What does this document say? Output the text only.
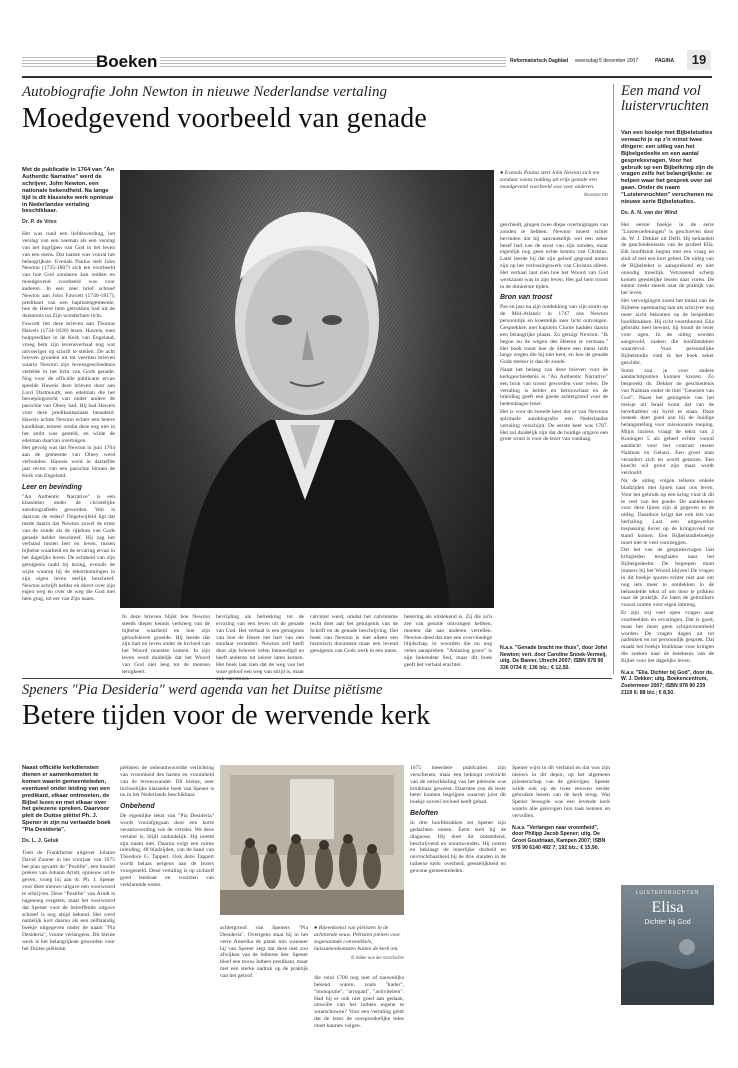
Boeken	Reformatorisch Dagblad woensdag 5 december 2007	PAGINA	19
Autobiografie John Newton in nieuwe Nederlandse vertaling
Moedgevend voorbeeld van genade

Met de publicatie in 1764 van "An Authentic Narrative" werd de schrijver, John Newton, een nationale bekendheid. Na lange tijd is dit klassieke werk opnieuw in Nederlandse vertaling beschikbaar.

Dr. P. de Vries

Het was rond een liefdesverdrag, het verslag van een zeeman als een verslag van het ingrijpen van God in het leven van een mens. Dat laatste was vooral het belangrijkste. Evenals Paulus stelt John Newton (1725-1807) zich ten voorbeeld van hoe God zondaren kan redden en moedgevend voorbeeld was voor anderen. In een zeer brief schreef Newton aan John Fawcett (1740-1817), predikant van een baptistengemeente, hoe de Heere hem getrokken had uit de duisternis tot Zijn wonderbare licht.

Fawcett liet deze brieven aan Thomas Haweis (1734-1820) lezen. Haweis, toen hulpprediker in de Kerk van Engeland, vroeg hem zijn levensverhaal nog wat uitvoeriger op schrift te stellen. De acht brieven gronden uit tot veertien brieven waarin Newton zijn levensgeschiedenis vertelde in het licht van Gods genade. Nog voor de officiële publicatie ervan speelde Haweis deze brieven door aan Lord Dartmouth, een edelman die het beroepingsrecht van onder andere de parochie van Olney had. Hij had Haweis voor deze predikantsplaats benaderd. Haweis achtte Newton echter een betere kandidaat, temeer omdat deze nog niet in het ambt was gesteld, en wilde de edelman daarvan overtuigen.

Het gevolg was dat Newton in juni 1764 aan de gemeente van Olney werd verbonden. Haweis werd in datzelfde jaar rector van een parochie binnen de Kerk van Engeland.

Leer en bevinding

"An Authentic Narrative" is een klassieker onder de christelijke autobiografieën geworden. Wat is daarvan de reden? Ongetwijfeld ligt dat mede daarin dat Newton zowel de ernst van de zonde als de rijkdom van Gods genade helder beschreef. Hij zag het verband tussen leer en leven, tussen bijbelse waarheid en de ervaring ervan in het dagelijks leven. De echtheid van zijn getuigenis raakt bij lezing, evenals de wijze waarop hij de tekortkomingen in zijn eigen leven eerlijk beschreef. Newton schrijft helder en direct over zijn eigen weg en over de weg die God met hem ging, tot eer van Zijn naam.

In deze brieven blijkt hoe Newton steeds dieper kennis verkreeg van de bijbelse waarheid en hoe zijn geloofsleven groeide. Hij leerde dat zijn hart en leven onder de invloed van het Woord moesten komen. In zijn leven werd duidelijk dat het Woord van God niet leeg tot de mensen terugkeert.

bevrijding als betrekking tot de ervaring van een leven uit de genade van God. Het verhaal is een getuigenis van hoe de Heere het hart van een zondaar verandert. Newton zelf heeft door zijn brieven velen bemoedigd en heeft anderen tot inkeer laten komen. Het boek laat zien dat de weg van het ware geloof een weg van strijd is, maar

calvinist werd, omdat het calvinisme recht doet aan het getuigenis van de Schrift en de genade beschrijving. Het boek van Newton is niet alleen een historisch document maar een levend getuigenis van Gods werk in een mens.

● Evenals Paulus stelt John Newton zich ten zondaar wiens redding uit vrije genade een moedgevend voorbeeld was voor anderen.
Illustratie RD

geschiedt, gingen twee diepe overtuigingen van zonden te hebben. Newton moest echter bevinden dat hij aanvankelijk wel een zeker besef had van de ernst van zijn zonden, maar eigenlijk nog geen echte kennis van Christus. Later leerde hij dat zijn geloof gegrond moest zijn op het verlossingswerk van Christus alleen. Het verhaal laat zien hoe het Woord van God werkzaam was in zijn leven. Het gaf hem troost in de donkerste tijden.

Bron van troost

Pas en jaar na zijn ontdekking van zijn storm op de Mid-Atlantic in 1747 ons Newton persoonlijk en koestelijk zeer licht ontvangen. Gesprekken met kapitein Clunie hadden daarin een belangrijke plaats. Zo getuigt Newton: "Ik begon nu de wegen des Heeren te verstaan." Het boek toont hoe de Heere een mens leidt langs wegen die hij niet kent, en hoe de genade Gods sterker is dan de zonde.

Naast het belang van deze brieven voor de kerkgeschiedenis is "An Authentic Narrative" een bron van troost geworden voor velen. De vertaling is helder en betrouwbaar en de inleiding geeft een goede achtergrond voor de hedendaagse lezer.

Het is voor de tweede keer dat er van Newtons spirituele autobiografie een Nederlandse vertaling verschijnt. De eerste keer was 1787. Het zal duidelijk zijn dat de huidige uitgave een grote winst is voor de lezer van vandaag.

bekering als uitstekend is. Zij die zo'n zee van genade ontvangen hebben, moeten dat aan anderen vertellen. Newton deed dat met een overvloedige blijdschap, in woorden die nu nog velen aanspreken. "Amazing grace" is zijn bekendste lied, maar dit boek geeft het verhaal erachter.

N.a.v. "Genade bracht me thuis", door John Newton; vert. door Caroline Snoek-Vermeij, uitg. De Banier, Utrecht 2007; ISBN 978 90 336 0734 8; 136 blz.; € 12,50.

Een mand vol luistervruchten

Van een boekje met Bijbelstudies verwacht je op z'n minst twee dingere: een uitleg van het Bijbelgedeelte en een aantal gespreksvragen. Voor het gebruik op een Bijbelkring zijn de vragen zelfs het belangrijkste: ze helpen waar het gesprek over zal gaan. Onder de naam "Luistervruchten" verschenen nu nieuwe serie Bijbelstudies.

Ds. A. N. van der Wind

Het eerste boekje in de serie "Luisteroefeningen" is geschreven door ds. W. J. Dekker uit Delft. Hij behandelt de geschiedenissen van de profeet Elia. Elk hoofdstuk begint met een vraag en sluit af met een kort gebed. De uitleg van de Bijbeltekst is aansprekend en niet onnodig moeilijk. Verrassend scherp komen geestelijke lessen naar voren. De auteur zoekt steeds naar de praktijk van het leven.

Het vervolgingen zoent het totaal van de Bijbelse openbaring laat als schrijver nog meer zicht bekomen op de bespreken hoofdstukken. Hij richt voortdurend. Elia gebruikt heel bewust, hij houdt de lezer voor ogen. In de uitleg worden aangevuld, maken die hoofdstukken waardevol. Voor persoonlijke Bijbelstudie vind ik het boek zeker geschikt.

Soms zou je voor andere aandachtspunten kunnen kiezen. Zo bespreekt ds. Dekker de geschiedenis van Naäman onder de titel "Genezen van God". Naast het getuigenis van het meisje uit Israël komt dat van de bevelhebber uit Syrië te staan. Deze insteek doet goed aan bij de huidige belangstelling voor missionaire roeping. Mijns inziens vraagt de tekst van 2 Koningen 5 als geheel echter vooral aandacht voor het contrast tussen Naäman en Gehazi. Een groot man verandert zich en wordt genezen. Een knecht wil groot zijn maar wordt verdoofd.

Na de uitleg volgen telkens enkele bladzijden met lijnen naar ons leven. Voor het gebruik op een kring vind ik dit te veel van het goede. De aantekenen voor deze lijnen zijn al gegeven in de uitleg. Daardoor krijgt het ook iets van herhaling. Laat een uitgewerkte toepassing liever op de kringavond tot stand komen. Een Bijbelstudieboekje moet niet te veel voorzeggen.

Dat het van de gespreksvragen laat kringleden terughalen naar het Bijbelgedeelte. De begrepen moet immers bij het Woord blijven! De vragen in dit boekje sporen echter niet aan om nog iets meer te ontdekken in de behandelde tekst of om door te prikken naar de praktijk. Zo laten de gebruikers vooral ruimte voor eigen inbreng.

Er zijn vrij veel open vragen naar voorbeelden en ervaringen. Dat is goed, maar het moet geen schijnvroomheid worden. De vragen dagen uit tot nadenken en tot persoonlijk gesprek. Dat maakt het boekje bruikbaar voor kringen die zoeken naar de betekenis van de Bijbel voor het dagelijks leven.

N.a.v. "Elia. Dichter bij God", door ds. W. J. Dekker; uitg. Boekencentrum, Zoetermeer 2007; ISBN 978 90 239 2119 6; 88 blz.; € 8,50.

LUISTERVRUCHTEN
Elisa
Dichter bij God
Speners "Pia Desideria" werd agenda van het Duitse piëtisme
Betere tijden voor de wervende kerk

Naast officiële kerkdiensten dienen er samenkomsten te komen waarin gemeenteleden, eventueel onder leiding van een predikant, elkaar ontmoeten, de Bijbel lezen en met elkaar over het gelezene spreken. Daarvoor pleit de Duitse piëtist Ph. J. Spener in zijn nu vertaalde boek "Pia Desideria".

Ds. L. J. Geluk

Toen de Frankfurtse uitgever Johann David Zunner in het voorjaar van 1675 het plan opvatte de "Postille", een bundel preken van Johann Arndt, opnieuw uit te geven, vroeg hij aan dr. Ph. J. Spener voor deze nieuwe uitgave een voorwoord te schrijven. Deze "Postille" van Arndt is nagenoeg vergeten, maar het voorwoord dat Spener voor de betreffende uitgave schreef is nog altijd bekend. Het werd namelijk kort daarna als een zelfstandig boekje uitgegeven onder de naam "Pia Desideria", vrome verlangens. Dit kleine werk is het belangrijkste geworden voor het Duitse piëtisme.

piëtisten de onbeantwoordde verlichting van vroomheid des harten en vroomheid van de levenswandel. Dit kleine, zeer invloedrijke klassieke boek van Spener is nu in het Nederlands beschikbaar.

Onbehend

De eigenlijke tekst van "Pia Desideria" wordt voorafgegaan door een korte verantwoording van de vertaler. We deze vertaler is, blijft onduidelijk. Hij noemt zijn naam niet. Daarna volgt een ruime inleiding, 48 bladzijden, van de hand van Theodore G. Tappert. Ook deze Tappert wordt helaas nergens aan de lezers voorgesteld. Deze vertaling is op zichzelf goed leesbaar en voorzien van verklarende noten.

achtergrond van Speners "Pia Desideria". Overigens staat hij in het verre Amerika de plank mis wanneer hij van Spener zegt dat deze niet zou afwijken van de lutherse leer. Spener bleef een trouw luthers predikant, maar met een sterke nadruk op de praktijk van het geloof.

● Bijeenkomst van piëtisten in de achttiende eeuw. Piëtisten pleiten voor zogenaamde conventikels, huissamenkomsten buiten de kerk om.
Ill. Bilder aus der Geschichte

die rond 1700 nog niet of nauwelijks bekend waren, zoals "kader", "monopolie", "arrogant", "activiteiten". Had hij er ook niet goed aan gedaan, omwille van het luthers eigene te waarschuwen? Voor een vertaling geldt dat de lezer de oorspronkelijke tekst moet kunnen volgen.

1675 meerdere publicaties zijn verschenen, maar een beknopt overzicht van de ontwikkeling van het piëtisme was bruikbaar geweest. Daarmee zou de lezer beter kunnen begrijpen waarom juist dit boekje zoveel invloed heeft gehad.

Beloften

In drie hoofdstukken zet Spener zijn gedachten uiteen. Eerst stelt hij de diagnose. Hij doet dit ontstellend, beschrijvend en onomwonden. Hij noemt en beklaagt de innerlijke dorheid en onvruchtbaarheid bij de drie standen in de lutherse kerk: overheid, geestelijkheid en gewone gemeenteleden.

Spener wijst in dit verband en dat was zijn nieuws in dit depot, op het algemeen priesterschap van de gelovigen. Spener wilde ook op de twee eeuwen eerder gebruikte lessen van de kerk terug. Wat Spener beoogde was een levende kerk waarin alle gelovigen hun taak kennen en vervullen.

N.a.v. "Verlangen naar vroomheid", door Philipp Jacob Spener; uitg. De Groot Goudriaan, Kampen 2007; ISBN 978 90 6140 492 7; 192 blz.; € 15,90.
